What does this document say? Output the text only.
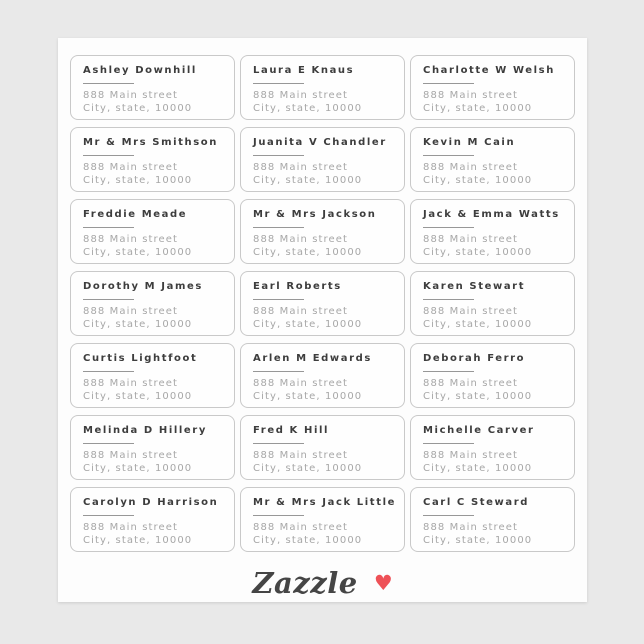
Ashley Downhill
888 Main street
City, state, 10000
Laura E Knaus
888 Main street
City, state, 10000
Charlotte W Welsh
888 Main street
City, state, 10000
Mr & Mrs Smithson
888 Main street
City, state, 10000
Juanita V Chandler
888 Main street
City, state, 10000
Kevin M Cain
888 Main street
City, state, 10000
Freddie Meade
888 Main street
City, state, 10000
Mr & Mrs Jackson
888 Main street
City, state, 10000
Jack & Emma Watts
888 Main street
City, state, 10000
Dorothy M James
888 Main street
City, state, 10000
Earl Roberts
888 Main street
City, state, 10000
Karen Stewart
888 Main street
City, state, 10000
Curtis Lightfoot
888 Main street
City, state, 10000
Arlen M Edwards
888 Main street
City, state, 10000
Deborah Ferro
888 Main street
City, state, 10000
Melinda D Hillery
888 Main street
City, state, 10000
Fred K Hill
888 Main street
City, state, 10000
Michelle Carver
888 Main street
City, state, 10000
Carolyn D Harrison
888 Main street
City, state, 10000
Mr & Mrs Jack Little
888 Main street
City, state, 10000
Carl C Steward
888 Main street
City, state, 10000
Zazzle ♥
